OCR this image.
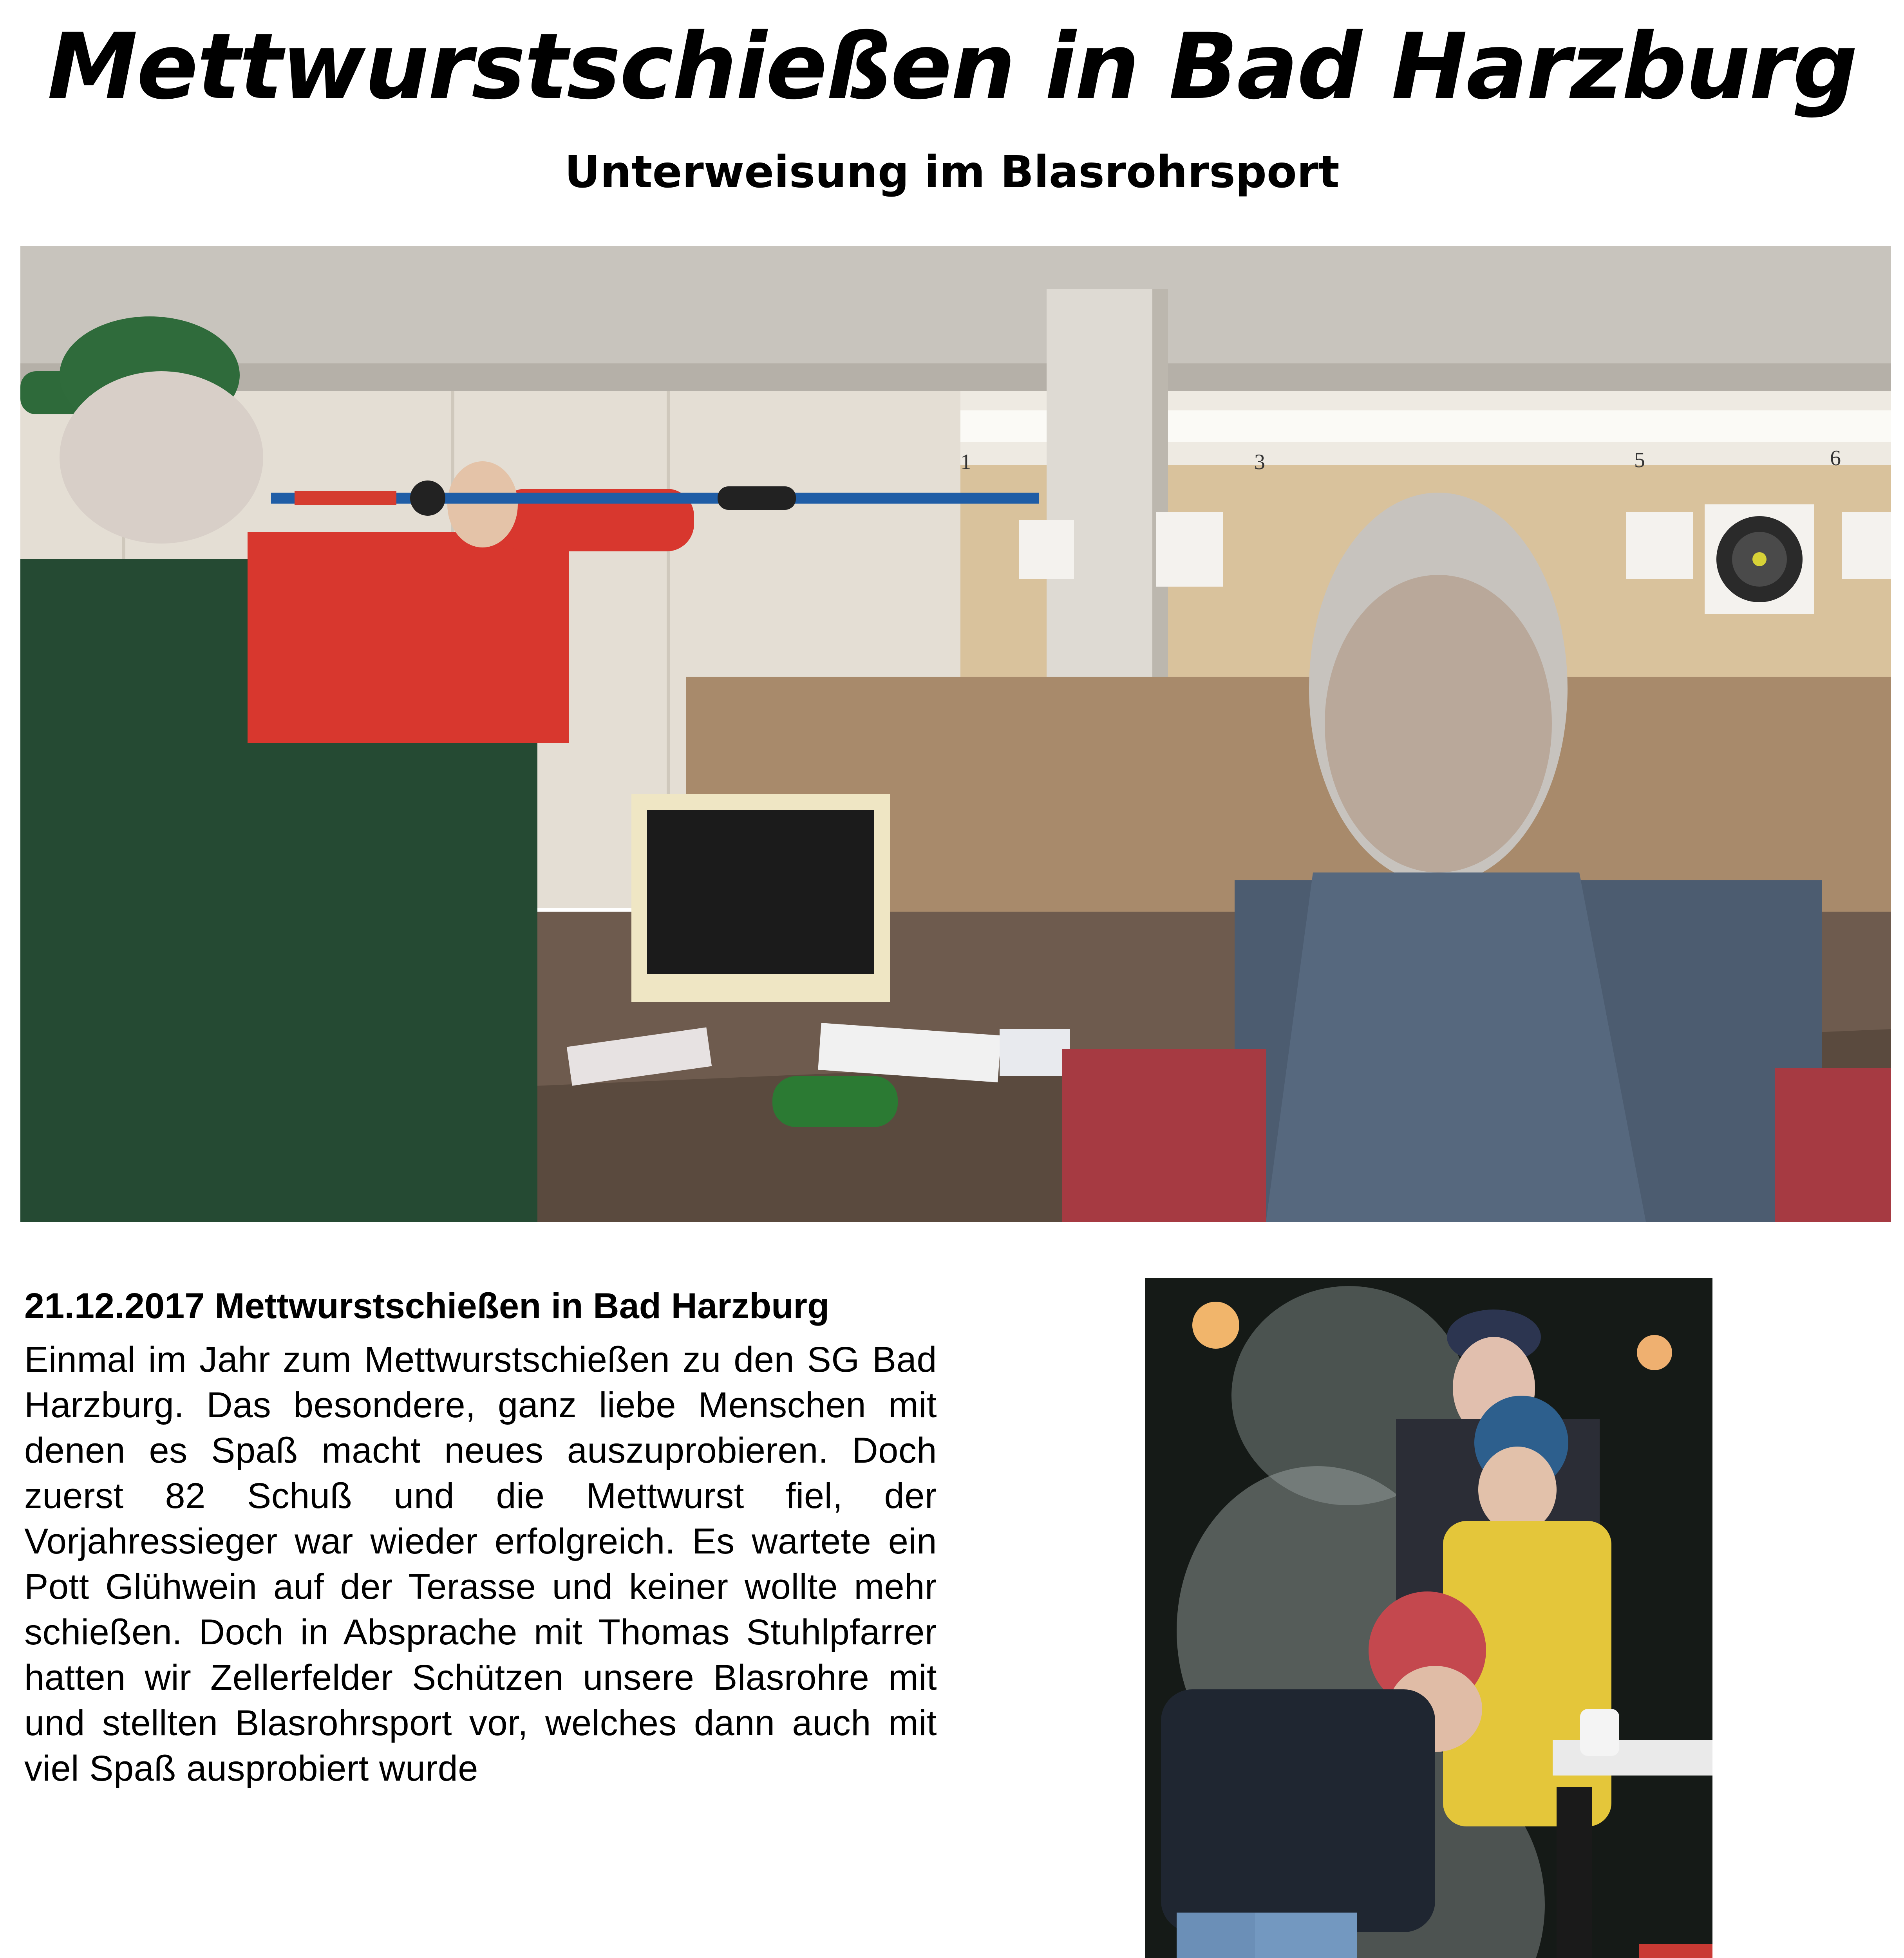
Mettwurstschießen in Bad Harzburg
Unterweisung im Blasrohrsport
1	3	5	6
21.12.2017 Mettwurstschießen in Bad Harzburg

Einmal im Jahr zum Mettwurstschießen zu den SG Bad Harzburg. Das besondere, ganz liebe Menschen mit denen es Spaß macht neues auszuprobieren. Doch zuerst 82 Schuß und die Mettwurst fiel, der Vorjahressieger war wieder erfolgreich. Es wartete ein Pott Glühwein auf der Terasse und keiner wollte mehr schießen. Doch in Absprache mit Thomas Stuhlpfarrer hatten wir Zellerfelder Schützen unsere Blasrohre mit und stellten Blasrohrsport vor, welches dann auch mit viel Spaß ausprobiert wurde
